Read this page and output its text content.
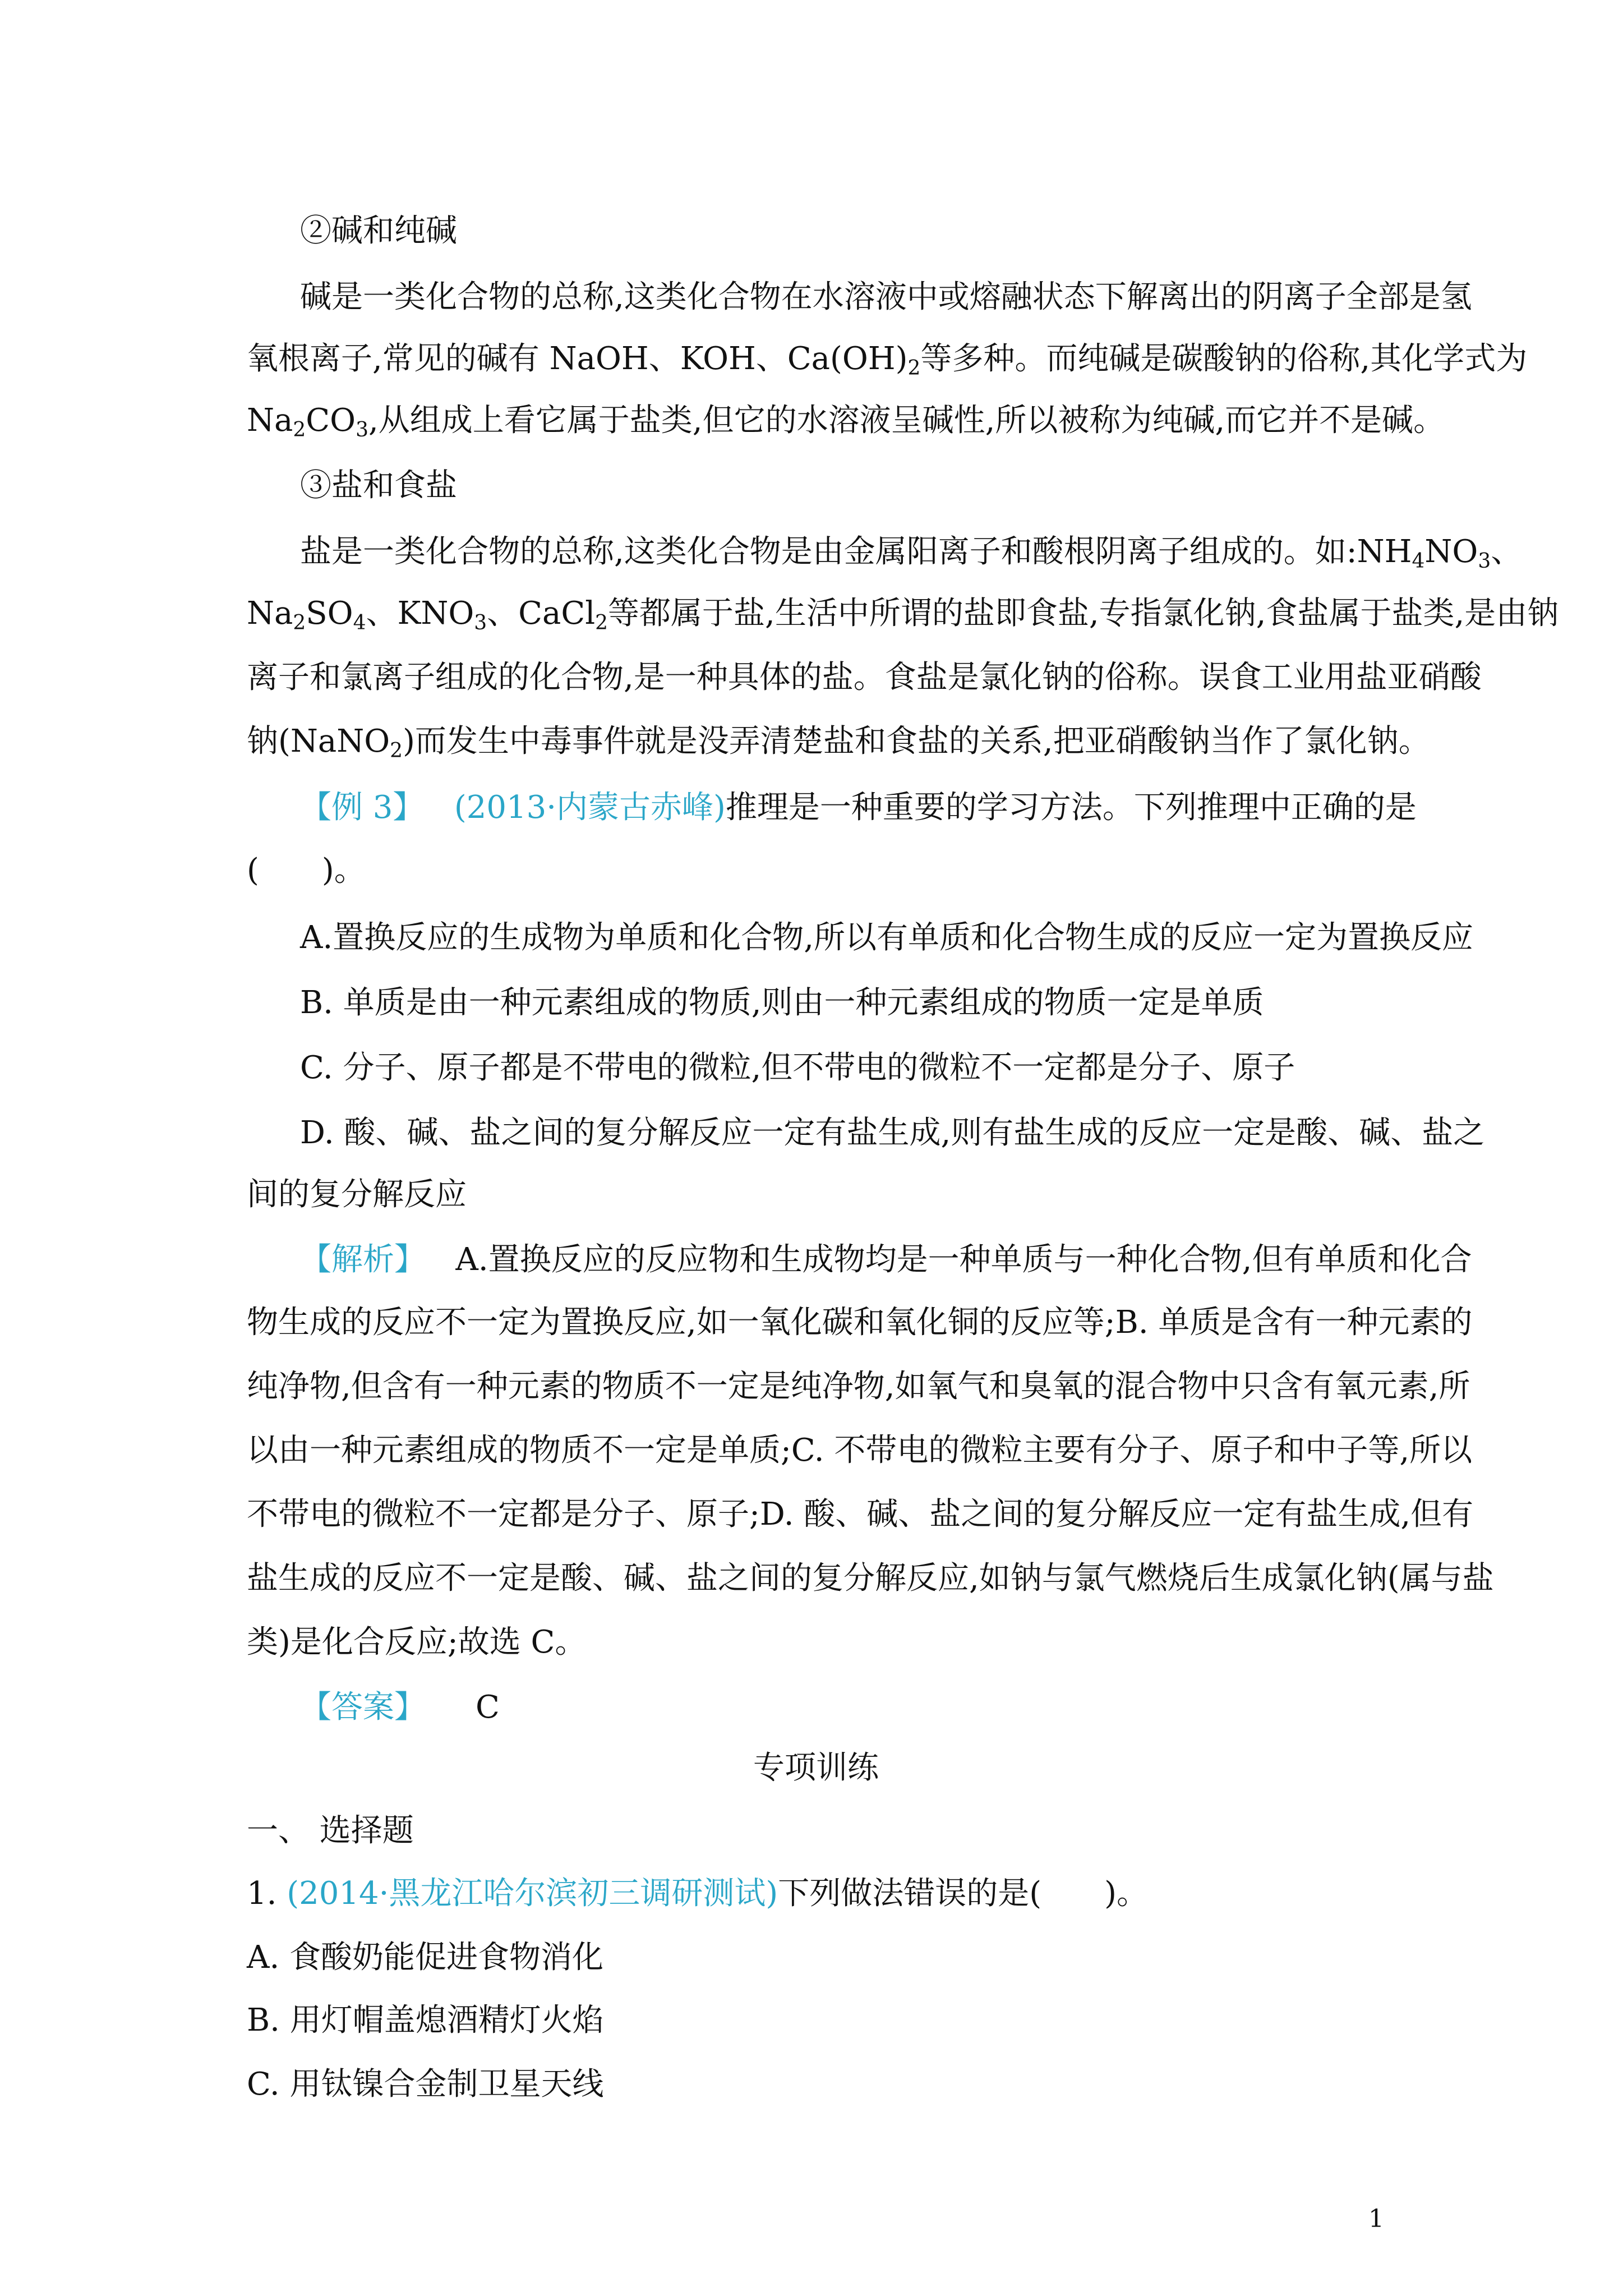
②碱和纯碱
碱是一类化合物的总称,这类化合物在水溶液中或熔融状态下解离出的阴离子全部是氢
氧根离子,常见的碱有 NaOH、KOH、$Ca(OH)_2$等多种。而纯碱是碳酸钠的俗称,其化学式为
$Na_2CO_3$,从组成上看它属于盐类,但它的水溶液呈碱性,所以被称为纯碱,而它并不是碱。
③盐和食盐
盐是一类化合物的总称,这类化合物是由金属阳离子和酸根阴离子组成的。如$:NH_4NO_3$、
$Na_2SO_4$、$KNO_3$、CaCl$_2$等都属于盐,生活中所谓的盐即食盐,专指氯化钠,食盐属于盐类,是由钠
离子和氯离子组成的化合物,是一种具体的盐。食盐是氯化钠的俗称。误食工业用盐亚硝酸
钠(NaNO$_2$)而发生中毒事件就是没弄清楚盐和食盐的关系,把亚硝酸钠当作了氯化钠。
【例 3】 (2013·内蒙古赤峰)推理是一种重要的学习方法。下列推理中正确的是
(　　)。
A.置换反应的生成物为单质和化合物,所以有单质和化合物生成的反应一定为置换反应
B. 单质是由一种元素组成的物质,则由一种元素组成的物质一定是单质
C. 分子、原子都是不带电的微粒,但不带电的微粒不一定都是分子、原子
D. 酸、碱、盐之间的复分解反应一定有盐生成,则有盐生成的反应一定是酸、碱、盐之
间的复分解反应
【解析】 A.置换反应的反应物和生成物均是一种单质与一种化合物,但有单质和化合
物生成的反应不一定为置换反应,如一氧化碳和氧化铜的反应等;B. 单质是含有一种元素的
纯净物,但含有一种元素的物质不一定是纯净物,如氧气和臭氧的混合物中只含有氧元素,所
以由一种元素组成的物质不一定是单质;C. 不带电的微粒主要有分子、原子和中子等,所以
不带电的微粒不一定都是分子、原子;D. 酸、碱、盐之间的复分解反应一定有盐生成,但有
盐生成的反应不一定是酸、碱、盐之间的复分解反应,如钠与氯气燃烧后生成氯化钠(属与盐
类)是化合反应;故选 C。
【答案】 C
专项训练
一、 选择题
1. (2014·黑龙江哈尔滨初三调研测试)下列做法错误的是(　　)。
A. 食酸奶能促进食物消化
B. 用灯帽盖熄酒精灯火焰
C. 用钛镍合金制卫星天线
1
